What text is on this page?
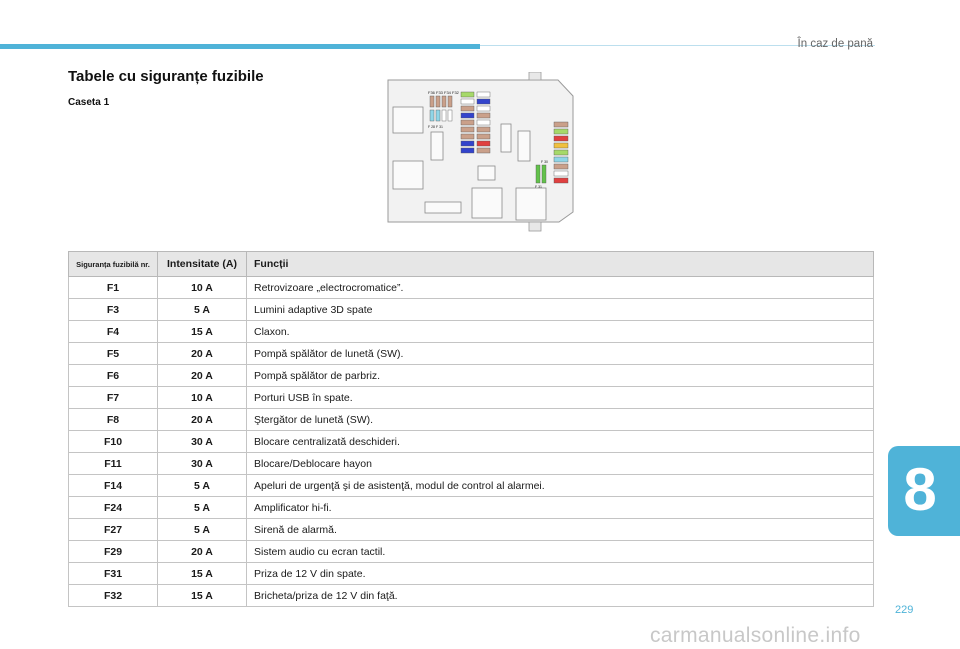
În caz de pană
Tabele cu siguranțe fuzibile
Caseta 1
F36 F33 F34 F32
F 28 F 31
F 30
F 31
Siguranța fuzibilă nr.	Intensitate (A)	Funcții
F1	10 A	Retrovizoare „electrocromatice”.
F3	5 A	Lumini adaptive 3D spate
F4	15 A	Claxon.
F5	20 A	Pompă spălător de lunetă (SW).
F6	20 A	Pompă spălător de parbriz.
F7	10 A	Porturi USB în spate.
F8	20 A	Ştergător de lunetă (SW).
F10	30 A	Blocare centralizată deschideri.
F11	30 A	Blocare/Deblocare hayon
F14	5 A	Apeluri de urgenţă şi de asistenţă, modul de control al alarmei.
F24	5 A	Amplificator hi-fi.
F27	5 A	Sirenă de alarmă.
F29	20 A	Sistem audio cu ecran tactil.
F31	15 A	Priza de 12 V din spate.
F32	15 A	Bricheta/priza de 12 V din faţă.
8
229
carmanualsonline.info
